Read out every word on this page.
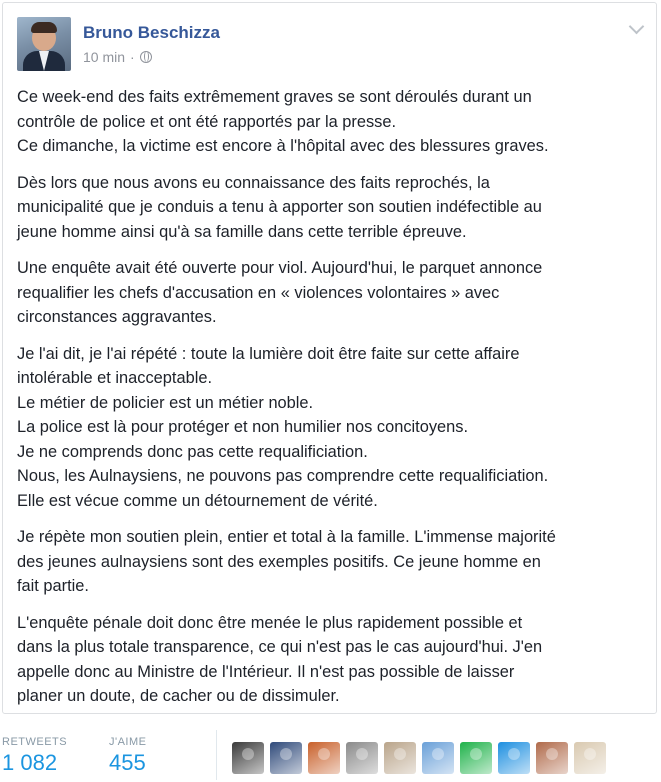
Bruno Beschizza
10 min ·

Ce week-end des faits extrêmement graves se sont déroulés durant un
contrôle de police et ont été rapportés par la presse.
Ce dimanche, la victime est encore à l'hôpital avec des blessures graves.

Dès lors que nous avons eu connaissance des faits reprochés, la
municipalité que je conduis a tenu à apporter son soutien indéfectible au
jeune homme ainsi qu'à sa famille dans cette terrible épreuve.

Une enquête avait été ouverte pour viol. Aujourd'hui, le parquet annonce
requalifier les chefs d'accusation en « violences volontaires » avec
circonstances aggravantes.

Je l'ai dit, je l'ai répété : toute la lumière doit être faite sur cette affaire
intolérable et inacceptable.
Le métier de policier est un métier noble.
La police est là pour protéger et non humilier nos concitoyens.
Je ne comprends donc pas cette requalificiation.
Nous, les Aulnaysiens, ne pouvons pas comprendre cette requalificiation.
Elle est vécue comme un détournement de vérité.

Je répète mon soutien plein, entier et total à la famille. L'immense majorité
des jeunes aulnaysiens sont des exemples positifs. Ce jeune homme en
fait partie.

L'enquête pénale doit donc être menée le plus rapidement possible et
dans la plus totale transparence, ce qui n'est pas le cas aujourd'hui. J'en
appelle donc au Ministre de l'Intérieur. Il n'est pas possible de laisser
planer un doute, de cacher ou de dissimuler.

RETWEETS
1 082
J'AIME
455
